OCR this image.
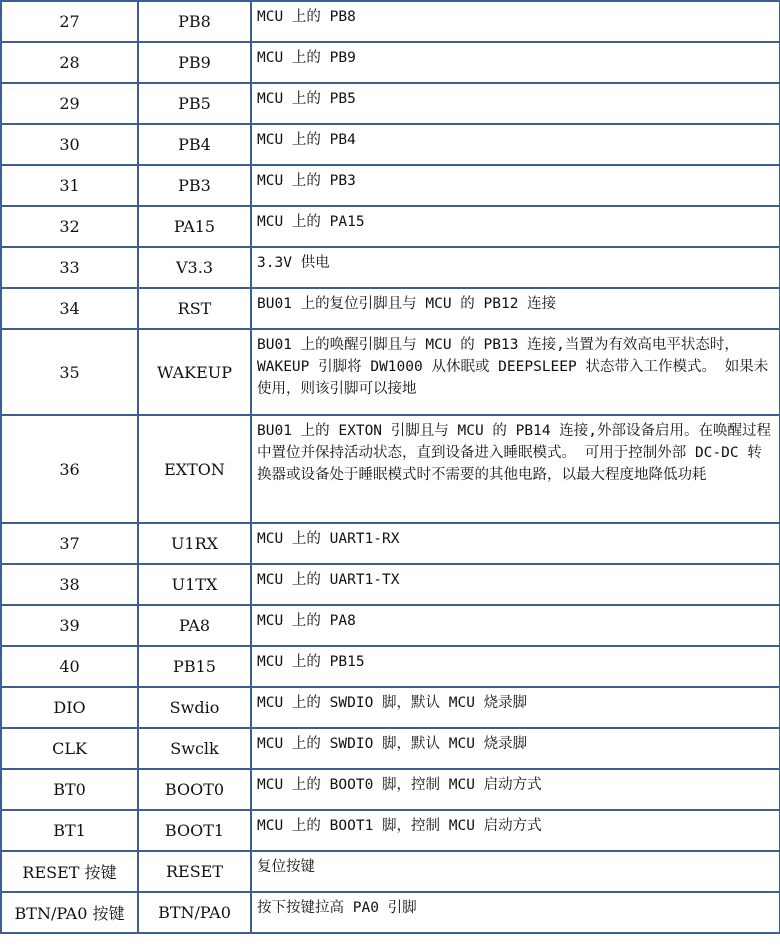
27	PB8	MCU 上的 PB8
28	PB9	MCU 上的 PB9
29	PB5	MCU 上的 PB5
30	PB4	MCU 上的 PB4
31	PB3	MCU 上的 PB3
32	PA15	MCU 上的 PA15
33	V3.3	3.3V 供电
34	RST	BU01 上的复位引脚且与 MCU 的 PB12 连接
35	WAKEUP	BU01 上的唤醒引脚且与 MCU 的 PB13 连接,当置为有效高电平状态时，WAKEUP 引脚将 DW1000 从休眠或 DEEPSLEEP 状态带入工作模式。 如果未使用，则该引脚可以接地
36	EXTON	BU01 上的 EXTON 引脚且与 MCU 的 PB14 连接,外部设备启用。在唤醒过程中置位并保持活动状态，直到设备进入睡眠模式。 可用于控制外部 DC-DC 转换器或设备处于睡眠模式时不需要的其他电路，以最大程度地降低功耗
37	U1RX	MCU 上的 UART1-RX
38	U1TX	MCU 上的 UART1-TX
39	PA8	MCU 上的 PA8
40	PB15	MCU 上的 PB15
DIO	Swdio	MCU 上的 SWDIO 脚，默认 MCU 烧录脚
CLK	Swclk	MCU 上的 SWDIO 脚，默认 MCU 烧录脚
BT0	BOOT0	MCU 上的 BOOT0 脚，控制 MCU 启动方式
BT1	BOOT1	MCU 上的 BOOT1 脚，控制 MCU 启动方式
RESET 按键	RESET	复位按键
BTN/PA0 按键	BTN/PA0	按下按键拉高 PA0 引脚
